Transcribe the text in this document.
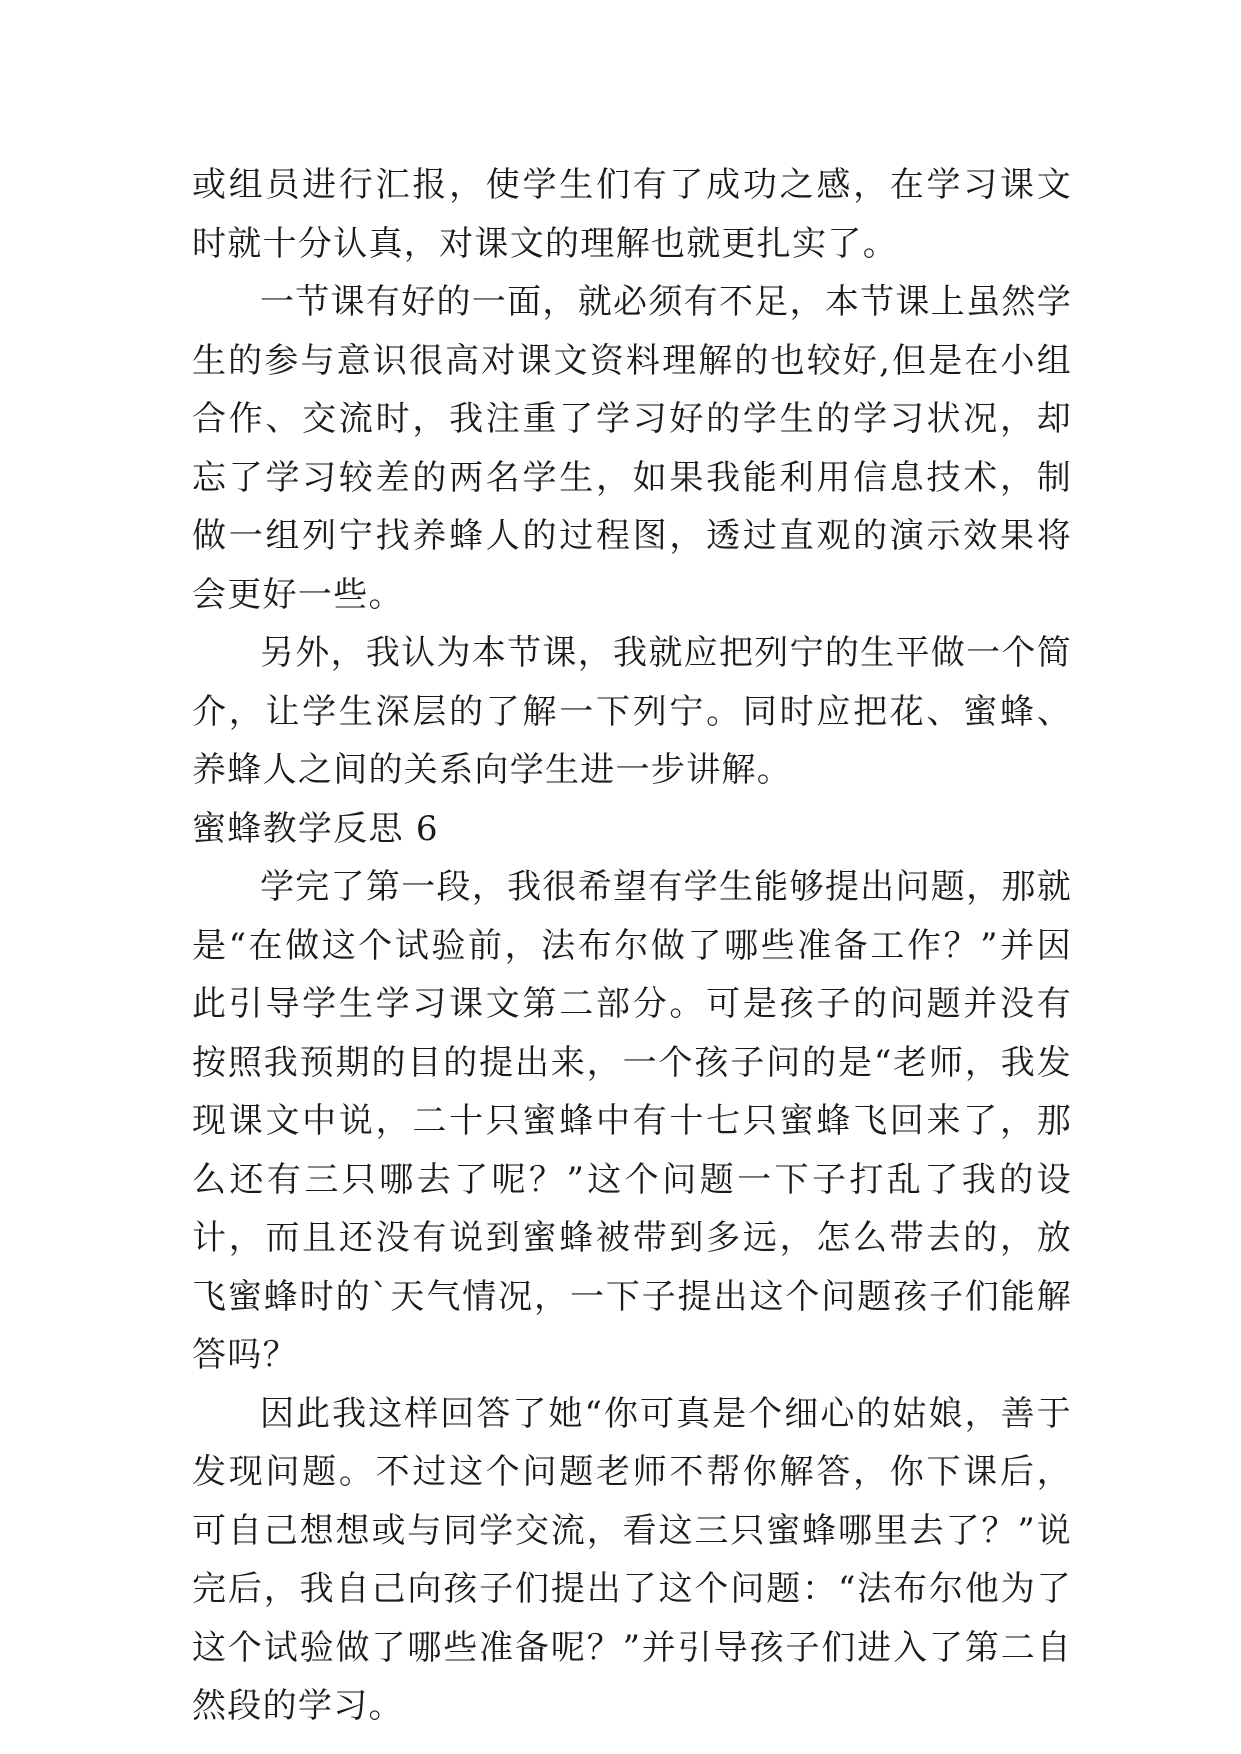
或组员进行汇报，使学生们有了成功之感，在学习课文时就十分认真，对课文的理解也就更扎实了。

一节课有好的一面，就必须有不足，本节课上虽然学生的参与意识很高对课文资料理解的也较好,但是在小组合作、交流时，我注重了学习好的学生的学习状况，却忘了学习较差的两名学生，如果我能利用信息技术，制做一组列宁找养蜂人的过程图，透过直观的演示效果将会更好一些。

另外，我认为本节课，我就应把列宁的生平做一个简介，让学生深层的了解一下列宁。同时应把花、蜜蜂、养蜂人之间的关系向学生进一步讲解。

蜜蜂教学反思 6

学完了第一段，我很希望有学生能够提出问题，那就是“在做这个试验前，法布尔做了哪些准备工作？”并因此引导学生学习课文第二部分。可是孩子的问题并没有按照我预期的目的提出来，一个孩子问的是“老师，我发现课文中说，二十只蜜蜂中有十七只蜜蜂飞回来了，那么还有三只哪去了呢？”这个问题一下子打乱了我的设计，而且还没有说到蜜蜂被带到多远，怎么带去的，放飞蜜蜂时的`天气情况，一下子提出这个问题孩子们能解答吗？

因此我这样回答了她“你可真是个细心的姑娘，善于发现问题。不过这个问题老师不帮你解答，你下课后，可自己想想或与同学交流，看这三只蜜蜂哪里去了？”说完后，我自己向孩子们提出了这个问题：“法布尔他为了这个试验做了哪些准备呢？”并引导孩子们进入了第二自然段的学习。
